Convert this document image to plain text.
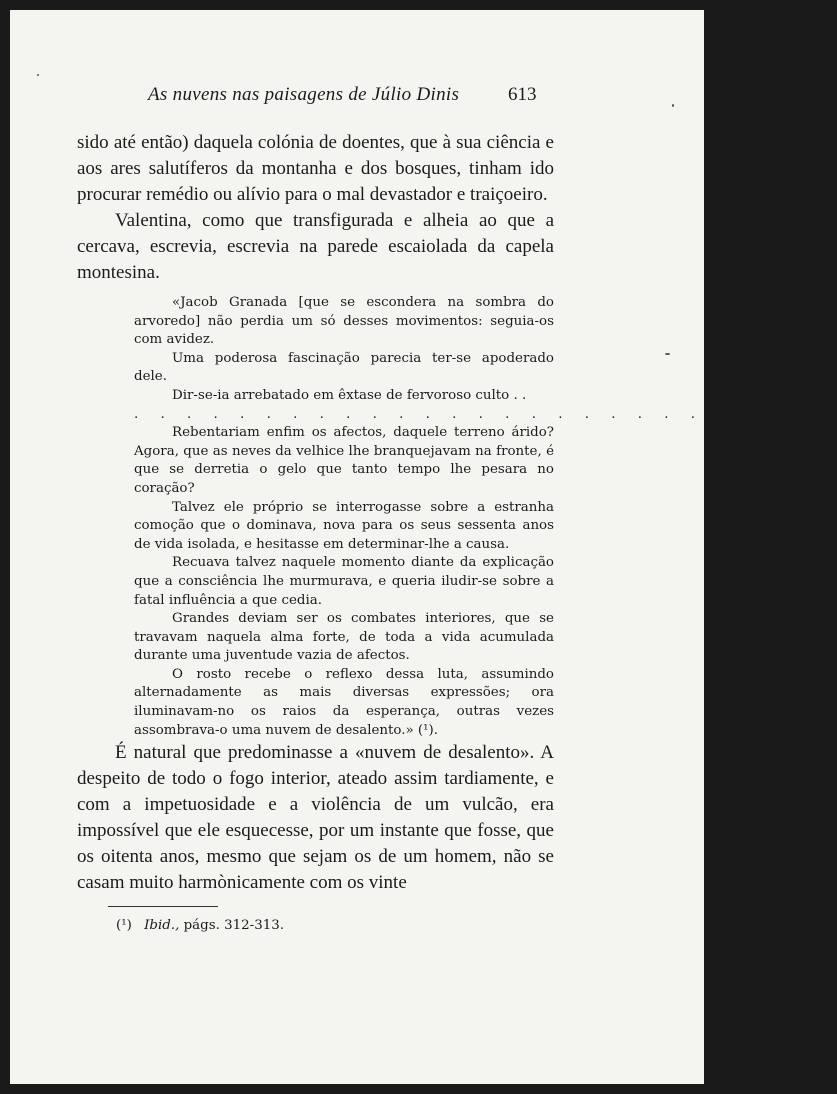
As nuvens nas paisagens de Júlio Dinis	613

sido até então) daquela colónia de doentes, que à sua ciência e aos ares salutíferos da montanha e dos bosques, tinham ido procurar remédio ou alívio para o mal devastador e traiçoeiro.

Valentina, como que transfigurada e alheia ao que a cercava, escrevia, escrevia na parede escaiolada da capela montesina.

«Jacob Granada [que se escondera na sombra do arvoredo] não perdia um só desses movimentos: seguia-os com avidez.

Uma poderosa fascinação parecia ter-se apoderado dele.

Dir-se-ia arrebatado em êxtase de fervoroso culto . .

. . . . . . . . . . . . . . . . . . . . . . . . . . .

Rebentariam enfim os afectos, daquele terreno árido? Agora, que as neves da velhice lhe branquejavam na fronte, é que se derretia o gelo que tanto tempo lhe pesara no coração?

Talvez ele próprio se interrogasse sobre a estranha comoção que o dominava, nova para os seus sessenta anos de vida isolada, e hesitasse em determinar-lhe a causa.

Recuava talvez naquele momento diante da explicação que a consciência lhe murmurava, e queria iludir-se sobre a fatal influência a que cedia.

Grandes deviam ser os combates interiores, que se travavam naquela alma forte, de toda a vida acumulada durante uma juventude vazia de afectos.

O rosto recebe o reflexo dessa luta, assumindo alternadamente as mais diversas expressões; ora iluminavam-no os raios da esperança, outras vezes assombrava-o uma nuvem de desalento.» (¹).

É natural que predominasse a «nuvem de desalento». A despeito de todo o fogo interior, ateado assim tardiamente, e com a impetuosidade e a violência de um vulcão, era impossível que ele esquecesse, por um instante que fosse, que os oitenta anos, mesmo que sejam os de um homem, não se casam muito harmònicamente com os vinte

(¹) Ibid., págs. 312-313.
